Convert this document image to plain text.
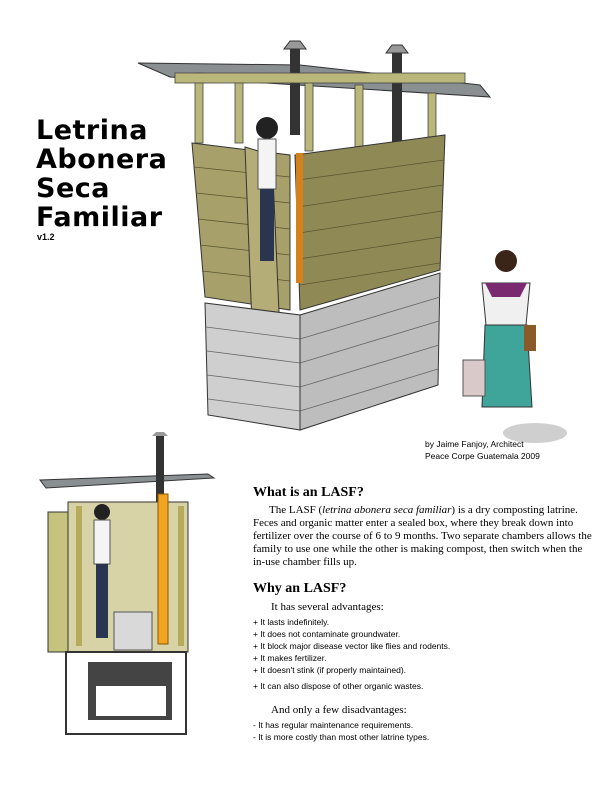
Letrina
Abonera
Seca
Familiar
v1.2
by Jaime Fanjoy, Architect
Peace Corpe Guatemala 2009
What is an LASF?

The LASF (letrina abonera seca familiar) is a dry composting latrine. Feces and organic matter enter a sealed box, where they break down into fertilizer over the course of 6 to 9 months. Two separate chambers allows the family to use one while the other is making compost, then switch when the in-use chamber fills up.

Why an LASF?
It has several advantages:
+ It lasts indefinitely.
+ It does not contaminate groundwater.
+ It block major disease vector like flies and rodents.
+ It makes fertilizer.
+ It doesn't stink (if properly maintained).
+ It can also dispose of other organic wastes.
And only a few disadvantages:
- It has regular maintenance requirements.
- It is more costly than most other latrine types.
